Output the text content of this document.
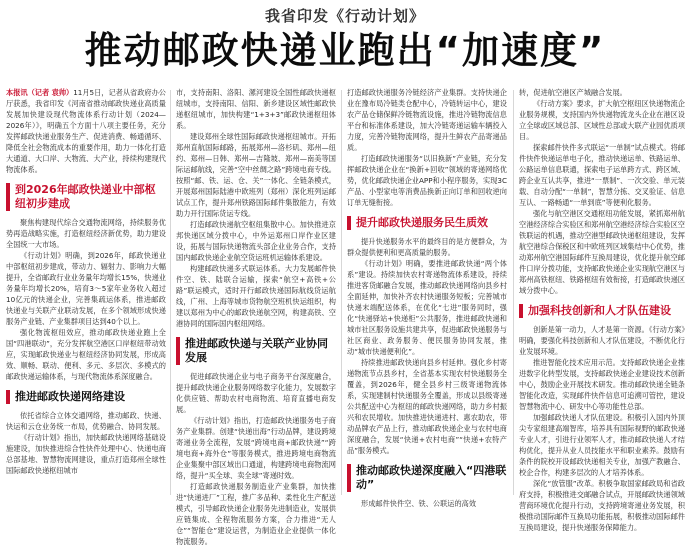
我省印发《行动计划》
推动邮政快递业跑出“加速度”

本报讯（记者 袁帅）11月5日，记者从省政府办公厅获悉，我省印发《河南省推动邮政快递业高质量发展加快建设现代物流体系行动计划（2024—2026年）》，明确五个方面十八项主要任务，充分发挥邮政快递业服务生产、促进消费、畅通循环、降低全社会物流成本的重要作用，助力一体化打造大通道、大口岸、大物流、大产业，持续构建现代物流体系。

到2026年邮政快递业中部枢纽初步建成

聚焦构建现代综合交通物流网络，持续服务优势再造战略实施，打造枢纽经济新优势，助力建设全国统一大市场。

《行动计划》明确，到2026年，邮政快递业中部枢纽初步建成，带动力、辐射力、影响力大幅提升，全省邮政行业业务量年均增长15%，快递业务量年均增长20%，培育3～5家年业务收入超过10亿元的快递企业，完善集疏运体系，推进邮政快递业与关联产业联动发展，在多个领域形成快递服务产业链、产业集群项目达到40个以上。

强化物流枢纽效应，推动邮政快递业跑上全国“四港联动”，充分发挥航空港区口岸枢纽带动效应，实现邮政快递业与枢纽经济协同发展，形成高效、顺畅、联动、便利、多元、多层次、多模式的邮政快递运输体系，与现代物流体系深度融合。

推进邮政快递网络建设

依托省综合立体交通网络，推动邮政、快递、快运和云仓业务统一布局，优势融合、协同发展。

《行动计划》指出，加快邮政快递网络基础设施建设，加快推进综合性快件处理中心、快递电商总部基地、智慧物流网建设，重点打造郑州全球性国际邮政快递枢纽城市

市，支持南阳、洛阳、漯河建设全国性邮政快递枢纽城市，支持南阳、信阳、新乡建设区域性邮政快递枢纽城市，加快构建“1+3+3”邮政快递枢纽体系。

建设郑州全球性国际邮政快递枢纽城市。开拓郑州直航国际邮路，拓展郑州—洛杉矶、郑州—纽约、郑州—日韩、郑州—吉隆坡、郑州—南美等国际运邮航线，完善“空中丝绸之路”跨境电商专线。按照“邮、铁、运、仓、关”一体化、全链条模式，开展郑州国际陆港中欧班列（郑州）深化班列运邮试点工作，提升郑州铁路国际邮件集散能力，有效助力开行国际货运专线。

打造邮政快递航空枢纽集散中心。加快推进京邦快递区域分拨中心，中外运郑州口岸作业区建设，拓展与国际快递物流头部企业业务合作，支持国内邮政快递企业航空货运班机运输体系建设。

构建邮政快递多式联运体系。大力发展邮件快件空、铁、陆联合运输，探索“航空+高铁+公路”联运模式，适时开行邮政快递国际航线货运航线，广州、上海等城市货物航空班机快运组织，构建以郑州为中心的邮政快递航空网，构建高铁、空港协同的国际国内枢纽网络。

推进邮政快递与关联产业协同发展

促进邮政快递企业与电子商务平台深度融合，提升邮政快递企业服务网络数字化能力，发展数字化供应链、帮助农村电商物流、培育直播电商发展。

《行动计划》指出，打造邮政快递服务电子商务产业集群。创建“快递出海”行动品牌，建设跨境寄递业务全流程，发展“跨境电商+邮政快递”“跨境电商+海外仓”等服务模式，推进跨境电商物流企业集聚中部区域出口通道，构建跨境电商物流网络，提升“买全球、卖全球”寄递时效。

打造邮政快递服务制造业产业集群，加快推进“快递进厂”工程，推广多品种、柔性化生产配送模式，引导邮政快递企业服务先进制造业，发展供应链集成、全程物流服务方案，合力推进“无人仓”“智能仓”建设运营，为制造业企业提供一体化物流服务。

打造邮政快递服务冷链经济产业集群。支持快递企业在豫布局冷链类仓配中心，冷链转运中心，建设农产品仓储保鲜冷链物流设施，推进冷链物流信息平台和标准体系建设，加大冷链寄递运输车辆投入力度，完善冷链物流网络，提升生鲜农产品寄递品质。

打造邮政快递服务“以旧换新”产业链，充分发挥邮政快递企业在“换新+回收”领域的寄递网络优势，优化邮政快递企业APP和小程序服务，实现3C产品、小型家电等消费品换新正向订单和回收逆向订单无缝衔接。

提升邮政快递服务民生质效

提升快递服务水平的最终目的是方便群众，为群众提供便利和更高质量的服务。

《行动计划》明确，要推进邮政快递“两个体系”建设。持续加快农村寄递物流体系建设，持续推进客货邮融合发展，推动邮政快递网络向县乡村全面延伸，加快补齐农村快递服务短板；完善城市快递末端配送体系，在优化“七进”服务同时，强化“快递驿站+快递柜”公共服务，推进邮政快递和城市社区服务设施共建共享，促进邮政快递服务与社区商业、政务服务、便民服务协同发展，推动“城市快递便利化”。

持续推进邮政快递向县乡村延伸。强化乡村寄递物流节点县乡村，全省基本实现农村快递服务全覆盖，到2026年，健全县乡村三级寄递物流体系，实现建制村快递服务全覆盖，形成以县级寄递公共配送中心为枢纽的邮政快递网络，助力乡村振兴和农民增收。加快推进快递进村、惠农助农，带动品牌农产品上行，推动邮政快递企业与农村电商深度融合，发展“快递+农村电商”“快递+农特产品”服务模式。

推动邮政快递深度融入“四港联动”

形成邮件快件空、铁、公联运的高效

转，促进航空港区产城融合发展。

《行动方案》要求，扩大航空枢纽区快递物流企业服务规模，支持国内外快递物流龙头企业在港区设立全球或区域总部、区域性总部或大联产业园优质项目。

探索邮件快件多式联运“一单制”试点模式。将邮件快件快递运单电子化，推动快递运单、铁路运单、公路运单信息联通，探索电子运单跨方式、跨区域、跨企业互认共享，推进“一票制”、一次交验、单元装载、自动分配“一单制”，智慧分拣、交叉验证、信息互认、一路畅通“一单到底”等便利化服务。

强化与航空港区交通枢纽功能发展，紧抓郑州航空港经济综合实验区和郑州航空港经济综合实验区空铁联运的机遇，推动空港型邮政快递枢纽建设，发挥航空港综合保税区和中欧班列区域集结中心优势，推动郑州航空港国际邮件互换局建设，优化提升航空邮件口岸分拨功能，支持邮政快递企业实现航空港区与郑州高铁枢纽、铁路枢纽有效衔接，打造邮政快递区域分拨中心。

加强科技创新和人才队伍建设

创新是第一动力，人才是第一资源。《行动方案》明确，要强化科技创新和人才队伍建设，不断优化行业发展环境。

推进智能化技术应用示范。支持邮政快递企业推进数字化转型发展，支持邮政快递企业建设技术创新中心，鼓励企业开展技术研发。推动邮政快递全链条智能化改造，实现邮件快件信息可追溯可管控，建设智慧物流中心、研发中心等功能性总部。

加强邮政快递人才队伍建设。积极引入国内外顶尖专家组建高端智库，培养具有国际视野的邮政快递专业人才，引进行业领军人才，推动邮政快递人才结构优化，提升从业人员技能水平和职业素养。鼓励有条件的院校开设邮政快递相关专业，加强产教融合、校企合作，构建多层次的人才培养体系。

深化“放管服”改革。积极争取国家邮政局和省政府支持，积极推进交邮融合试点，开展邮政快递领域营商环境优化提升行动，支持跨境寄递业务发展，积极推动国际邮件互换局功能拓展，积极推动国际邮件互换局建设，提升快递服务保障能力。
